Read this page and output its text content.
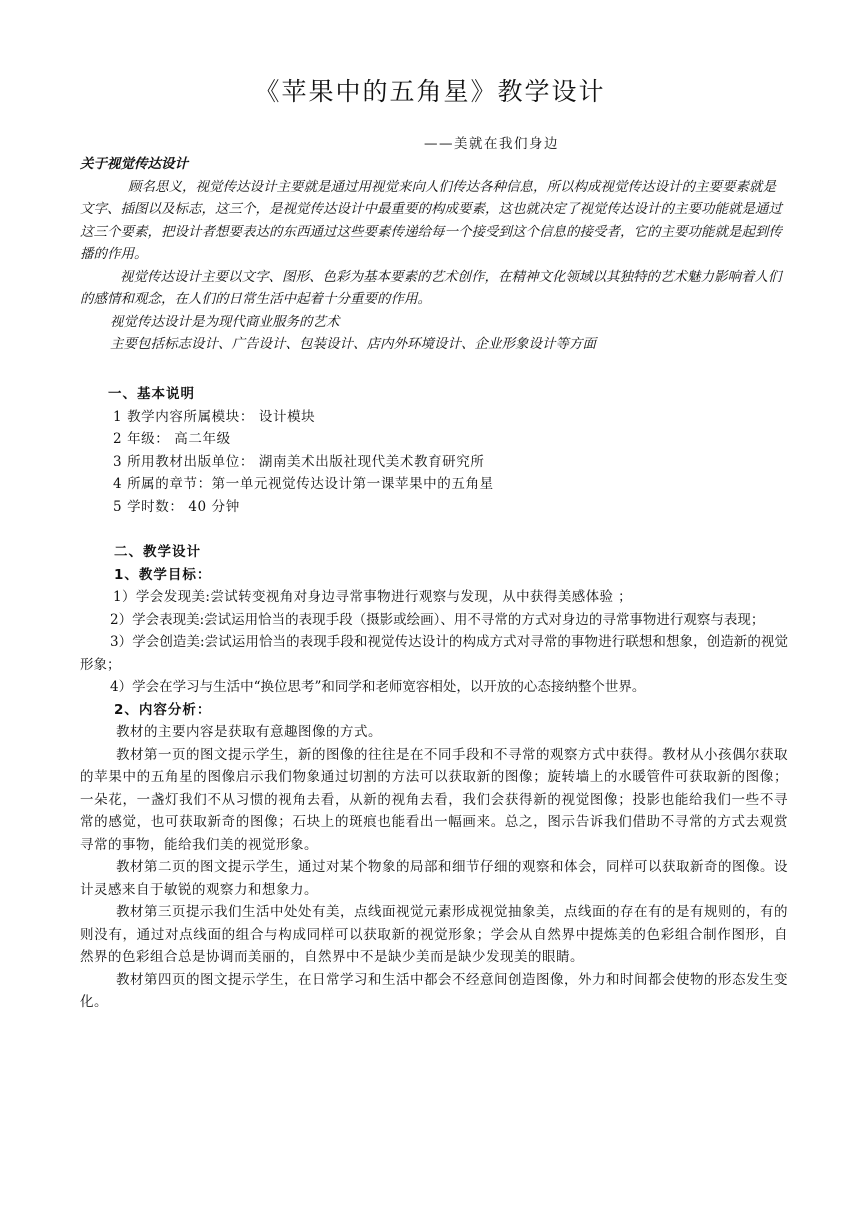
《苹果中的五角星》教学设计
——美就在我们身边

关于视觉传达设计

顾名思义，视觉传达设计主要就是通过用视觉来向人们传达各种信息，所以构成视觉传达设计的主要要素就是文字、插图以及标志，这三个，是视觉传达设计中最重要的构成要素，这也就决定了视觉传达设计的主要功能就是通过这三个要素，把设计者想要表达的东西通过这些要素传递给每一个接受到这个信息的接受者，它的主要功能就是起到传播的作用。

视觉传达设计主要以文字、图形、色彩为基本要素的艺术创作，在精神文化领域以其独特的艺术魅力影响着人们的感情和观念，在人们的日常生活中起着十分重要的作用。

视觉传达设计是为现代商业服务的艺术

主要包括标志设计、广告设计、包装设计、店内外环境设计、企业形象设计等方面

一、基本说明

1 教学内容所属模块： 设计模块

2 年级： 高二年级

3 所用教材出版单位： 湖南美术出版社现代美术教育研究所

4 所属的章节：第一单元视觉传达设计第一课苹果中的五角星

5 学时数： 40 分钟

二、教学设计

1、教学目标：

1）学会发现美:尝试转变视角对身边寻常事物进行观察与发现，从中获得美感体验 ；

2）学会表现美:尝试运用恰当的表现手段（摄影或绘画）、用不寻常的方式对身边的寻常事物进行观察与表现；

3）学会创造美:尝试运用恰当的表现手段和视觉传达设计的构成方式对寻常的事物进行联想和想象，创造新的视觉形象；

4）学会在学习与生活中“换位思考”和同学和老师宽容相处，以开放的心态接纳整个世界。

2、内容分析：

教材的主要内容是获取有意趣图像的方式。

教材第一页的图文提示学生，新的图像的往往是在不同手段和不寻常的观察方式中获得。教材从小孩偶尔获取的苹果中的五角星的图像启示我们物象通过切割的方法可以获取新的图像；旋转墙上的水暖管件可获取新的图像；一朵花，一盏灯我们不从习惯的视角去看，从新的视角去看，我们会获得新的视觉图像；投影也能给我们一些不寻常的感觉，也可获取新奇的图像；石块上的斑痕也能看出一幅画来。总之，图示告诉我们借助不寻常的方式去观赏寻常的事物，能给我们美的视觉形象。

教材第二页的图文提示学生，通过对某个物象的局部和细节仔细的观察和体会，同样可以获取新奇的图像。设计灵感来自于敏锐的观察力和想象力。

教材第三页提示我们生活中处处有美，点线面视觉元素形成视觉抽象美，点线面的存在有的是有规则的，有的则没有，通过对点线面的组合与构成同样可以获取新的视觉形象；学会从自然界中提炼美的色彩组合制作图形，自然界的色彩组合总是协调而美丽的，自然界中不是缺少美而是缺少发现美的眼睛。

教材第四页的图文提示学生，在日常学习和生活中都会不经意间创造图像，外力和时间都会使物的形态发生变化。
